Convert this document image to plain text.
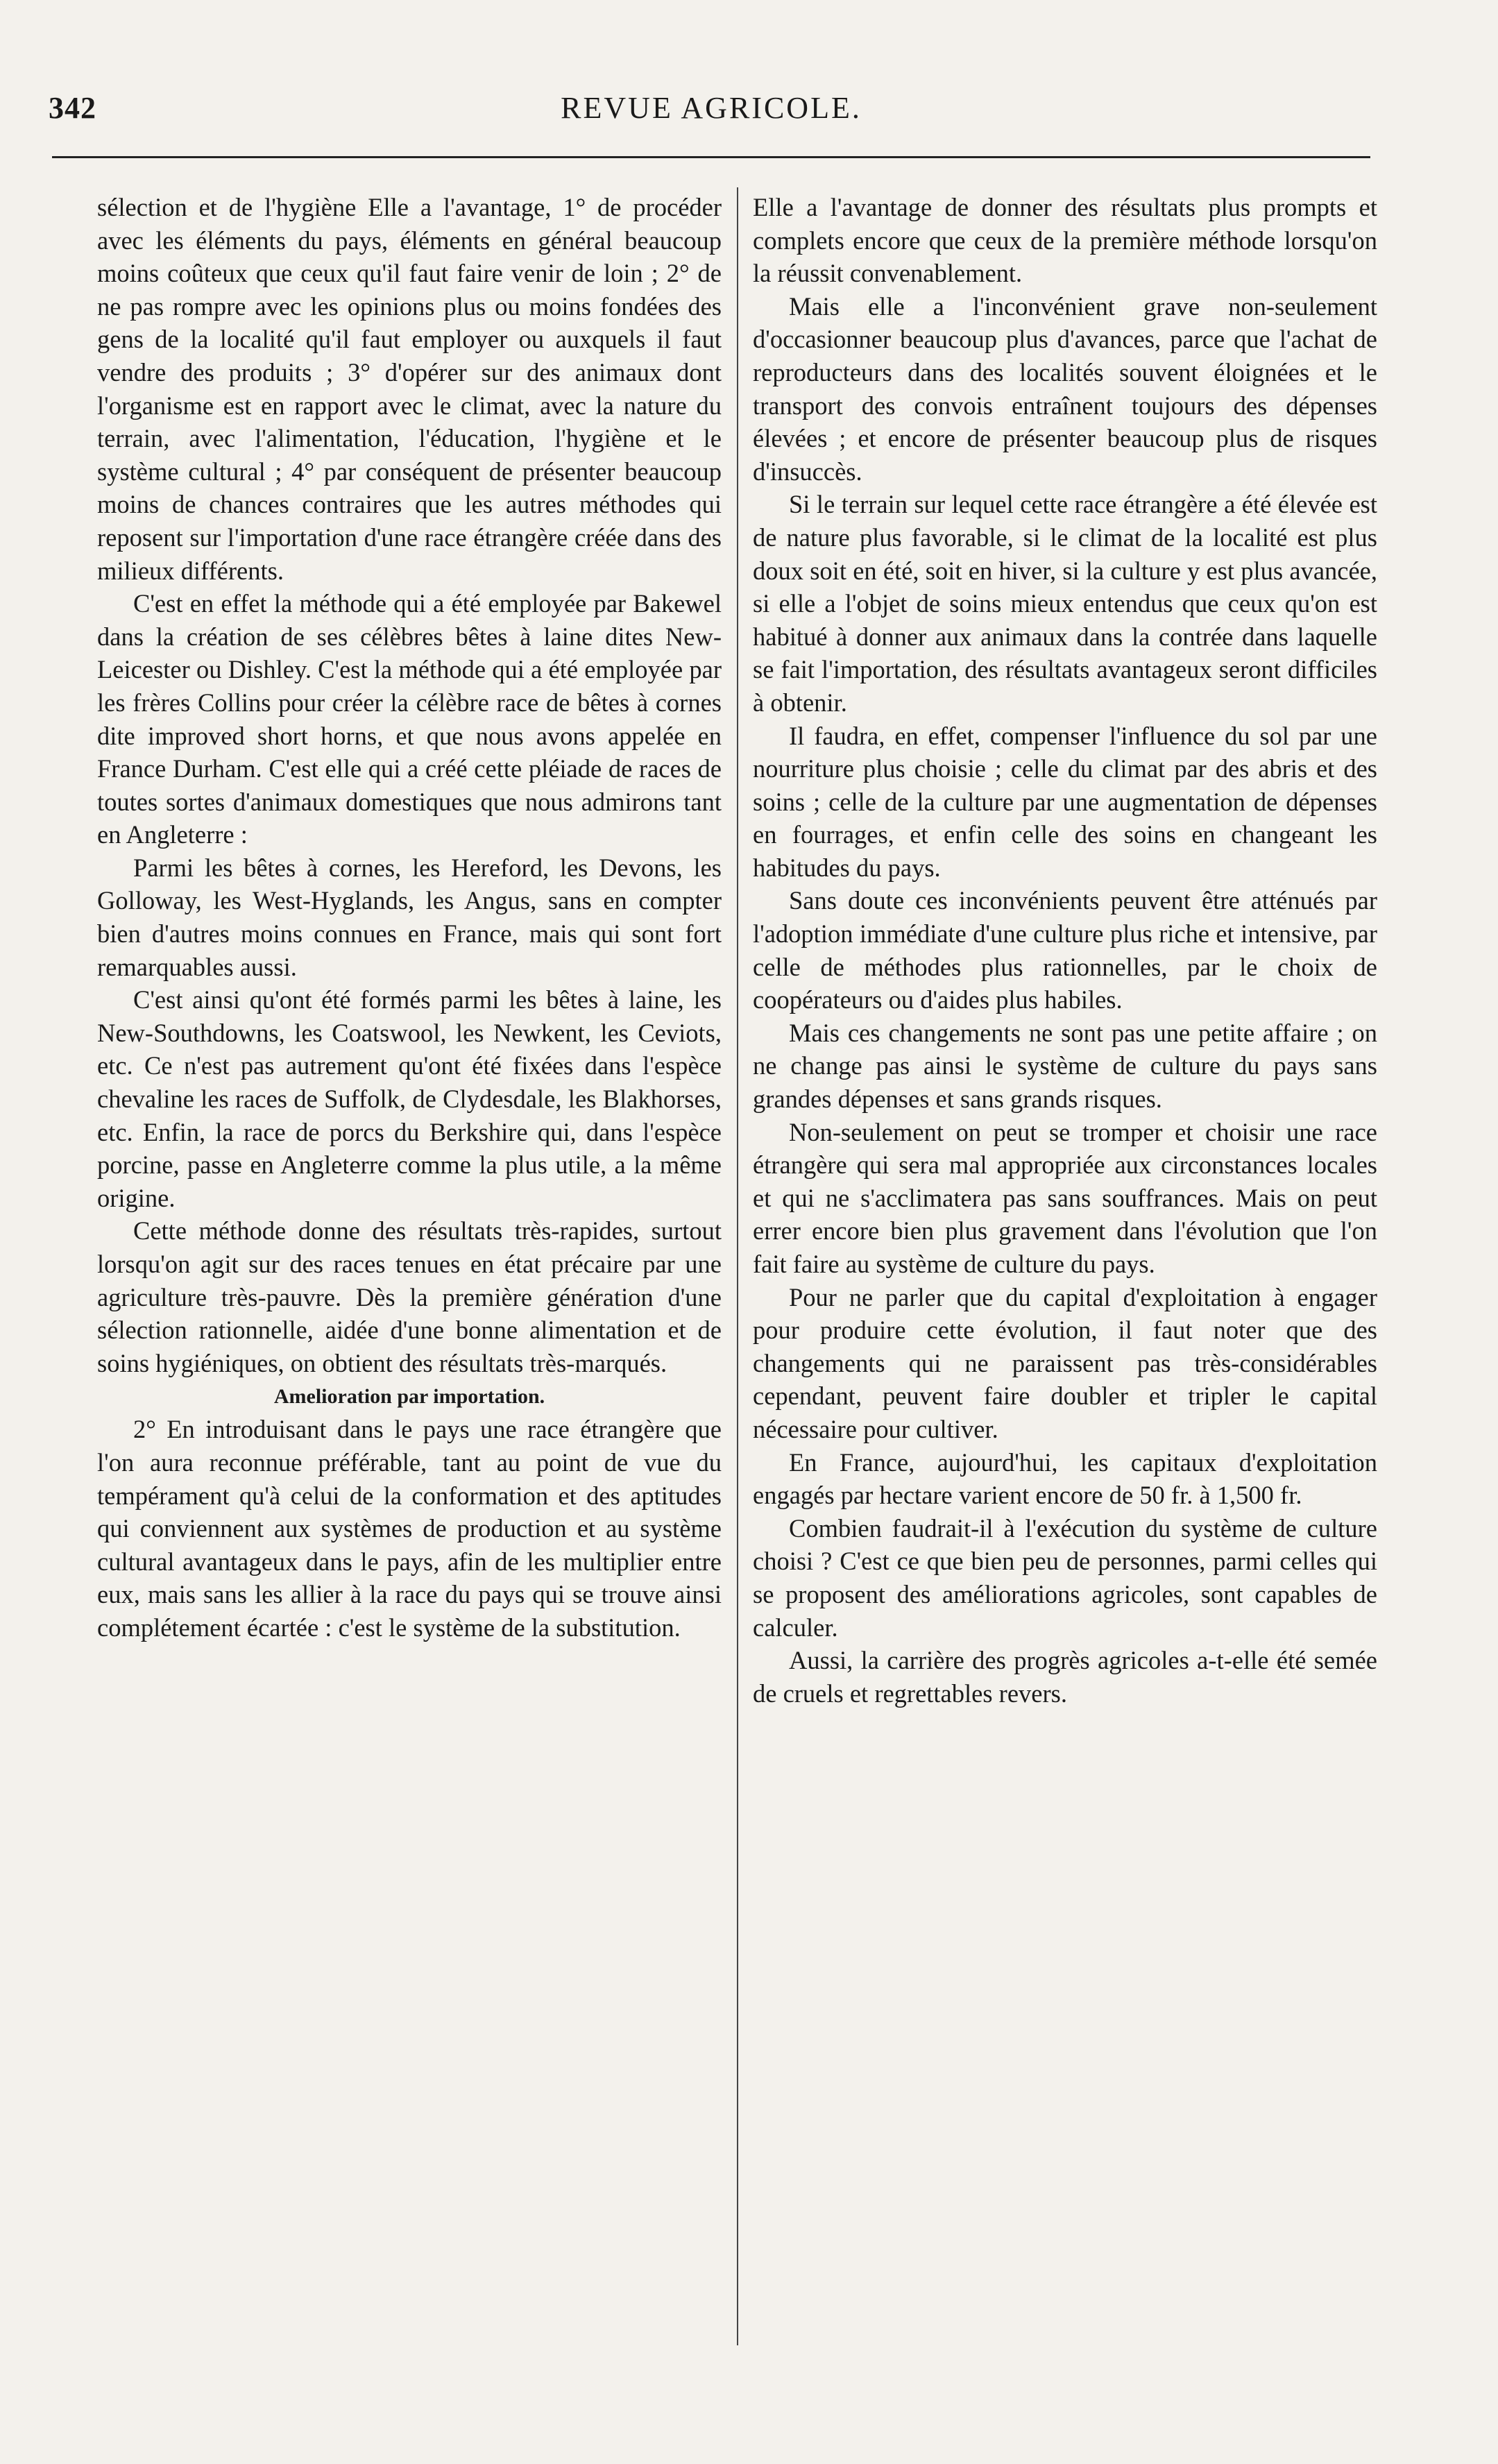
342	REVUE AGRICOLE.

sélection et de l'hygiène Elle a l'avantage, 1° de procéder avec les éléments du pays, éléments en général beaucoup moins coûteux que ceux qu'il faut faire venir de loin ; 2° de ne pas rompre avec les opinions plus ou moins fondées des gens de la localité qu'il faut employer ou auxquels il faut vendre des produits ; 3° d'opérer sur des animaux dont l'organisme est en rapport avec le climat, avec la nature du terrain, avec l'alimentation, l'éducation, l'hygiène et le système cultural ; 4° par conséquent de présenter beaucoup moins de chances contraires que les autres méthodes qui reposent sur l'importation d'une race étrangère créée dans des milieux différents.

C'est en effet la méthode qui a été employée par Bakewel dans la création de ses célèbres bêtes à laine dites New-Leicester ou Dishley. C'est la méthode qui a été employée par les frères Collins pour créer la célèbre race de bêtes à cornes dite improved short horns, et que nous avons appelée en France Durham. C'est elle qui a créé cette pléiade de races de toutes sortes d'animaux domestiques que nous admirons tant en Angleterre :

Parmi les bêtes à cornes, les Hereford, les Devons, les Golloway, les West-Hyglands, les Angus, sans en compter bien d'autres moins connues en France, mais qui sont fort remarquables aussi.

C'est ainsi qu'ont été formés parmi les bêtes à laine, les New-Southdowns, les Coatswool, les Newkent, les Ceviots, etc. Ce n'est pas autrement qu'ont été fixées dans l'espèce chevaline les races de Suffolk, de Clydesdale, les Blakhorses, etc. Enfin, la race de porcs du Berkshire qui, dans l'espèce porcine, passe en Angleterre comme la plus utile, a la même origine.

Cette méthode donne des résultats très-rapides, surtout lorsqu'on agit sur des races tenues en état précaire par une agriculture très-pauvre. Dès la première génération d'une sélection rationnelle, aidée d'une bonne alimentation et de soins hygiéniques, on obtient des résultats très-marqués.

Amelioration par importation.

2° En introduisant dans le pays une race étrangère que l'on aura reconnue préférable, tant au point de vue du tempérament qu'à celui de la conformation et des aptitudes qui conviennent aux systèmes de production et au système cultural avantageux dans le pays, afin de les multiplier entre eux, mais sans les allier à la race du pays qui se trouve ainsi complétement écartée : c'est le système de la substitution.

Elle a l'avantage de donner des résultats plus prompts et complets encore que ceux de la première méthode lorsqu'on la réussit convenablement.

Mais elle a l'inconvénient grave non-seulement d'occasionner beaucoup plus d'avances, parce que l'achat de reproducteurs dans des localités souvent éloignées et le transport des convois entraînent toujours des dépenses élevées ; et encore de présenter beaucoup plus de risques d'insuccès.

Si le terrain sur lequel cette race étrangère a été élevée est de nature plus favorable, si le climat de la localité est plus doux soit en été, soit en hiver, si la culture y est plus avancée, si elle a l'objet de soins mieux entendus que ceux qu'on est habitué à donner aux animaux dans la contrée dans laquelle se fait l'importation, des résultats avantageux seront difficiles à obtenir.

Il faudra, en effet, compenser l'influence du sol par une nourriture plus choisie ; celle du climat par des abris et des soins ; celle de la culture par une augmentation de dépenses en fourrages, et enfin celle des soins en changeant les habitudes du pays.

Sans doute ces inconvénients peuvent être atténués par l'adoption immédiate d'une culture plus riche et intensive, par celle de méthodes plus rationnelles, par le choix de coopérateurs ou d'aides plus habiles.

Mais ces changements ne sont pas une petite affaire ; on ne change pas ainsi le système de culture du pays sans grandes dépenses et sans grands risques.

Non-seulement on peut se tromper et choisir une race étrangère qui sera mal appropriée aux circonstances locales et qui ne s'acclimatera pas sans souffrances. Mais on peut errer encore bien plus gravement dans l'évolution que l'on fait faire au système de culture du pays.

Pour ne parler que du capital d'exploitation à engager pour produire cette évolution, il faut noter que des changements qui ne paraissent pas très-considérables cependant, peuvent faire doubler et tripler le capital nécessaire pour cultiver.

En France, aujourd'hui, les capitaux d'exploitation engagés par hectare varient encore de 50 fr. à 1,500 fr.

Combien faudrait-il à l'exécution du système de culture choisi ? C'est ce que bien peu de personnes, parmi celles qui se proposent des améliorations agricoles, sont capables de calculer.

Aussi, la carrière des progrès agricoles a-t-elle été semée de cruels et regrettables revers.
